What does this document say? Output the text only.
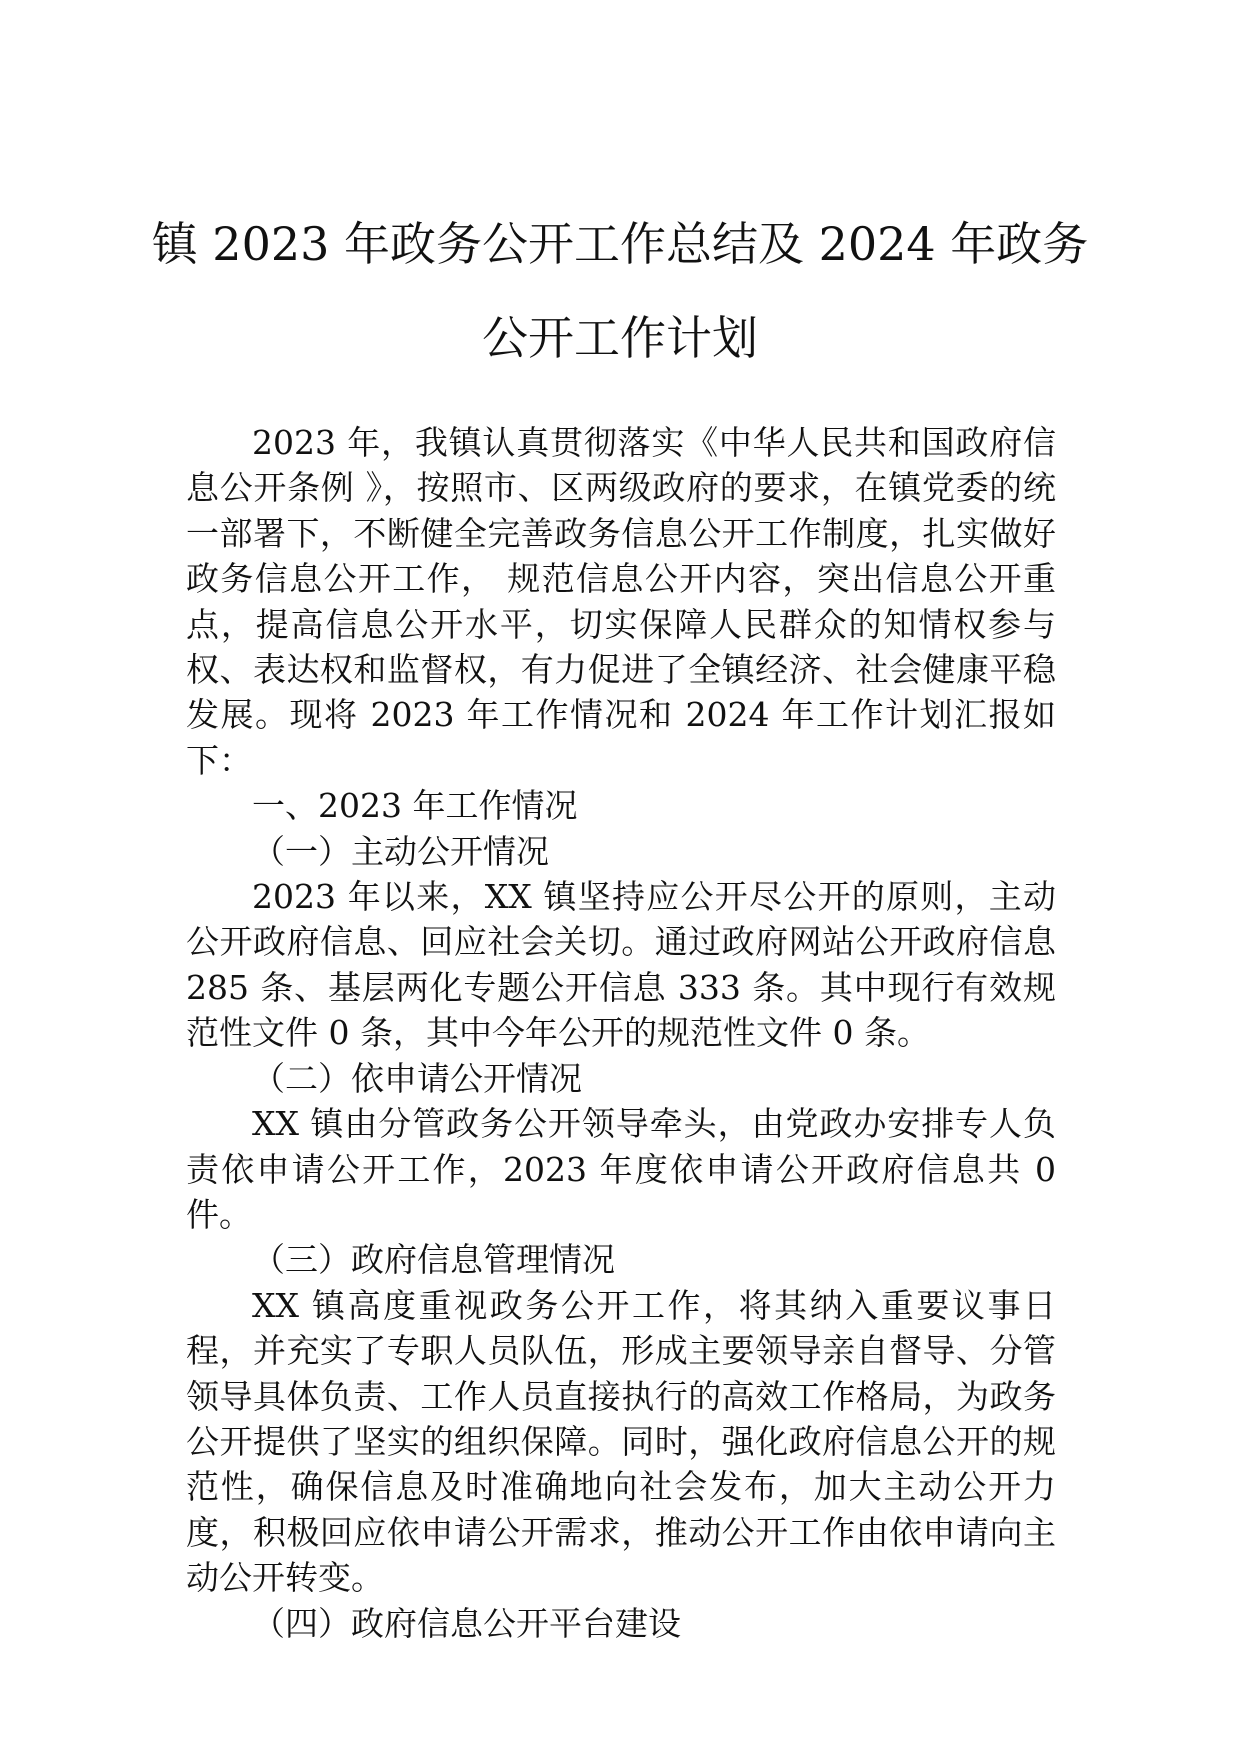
镇 2023 年政务公开工作总结及 2024 年政务
公开工作计划

2023 年，我镇认真贯彻落实《中华人民共和国政府信息公开条例 》，按照市、区两级政府的要求，在镇党委的统一部署下，不断健全完善政务信息公开工作制度，扎实做好政务信息公开工作， 规范信息公开内容，突出信息公开重点，提高信息公开水平，切实保障人民群众的知情权参与权、表达权和监督权，有力促进了全镇经济、社会健康平稳发展。现将 2023 年工作情况和 2024 年工作计划汇报如下：

一、2023 年工作情况
（一）主动公开情况

2023 年以来，XX 镇坚持应公开尽公开的原则，主动公开政府信息、回应社会关切。通过政府网站公开政府信息 285 条、基层两化专题公开信息 333 条。其中现行有效规范性文件 0 条，其中今年公开的规范性文件 0 条。

（二）依申请公开情况

XX 镇由分管政务公开领导牵头，由党政办安排专人负责依申请公开工作，2023 年度依申请公开政府信息共 0 件。

（三）政府信息管理情况

XX 镇高度重视政务公开工作，将其纳入重要议事日程，并充实了专职人员队伍，形成主要领导亲自督导、分管领导具体负责、工作人员直接执行的高效工作格局，为政务公开提供了坚实的组织保障。同时，强化政府信息公开的规范性，确保信息及时准确地向社会发布，加大主动公开力度，积极回应依申请公开需求，推动公开工作由依申请向主动公开转变。

（四）政府信息公开平台建设
